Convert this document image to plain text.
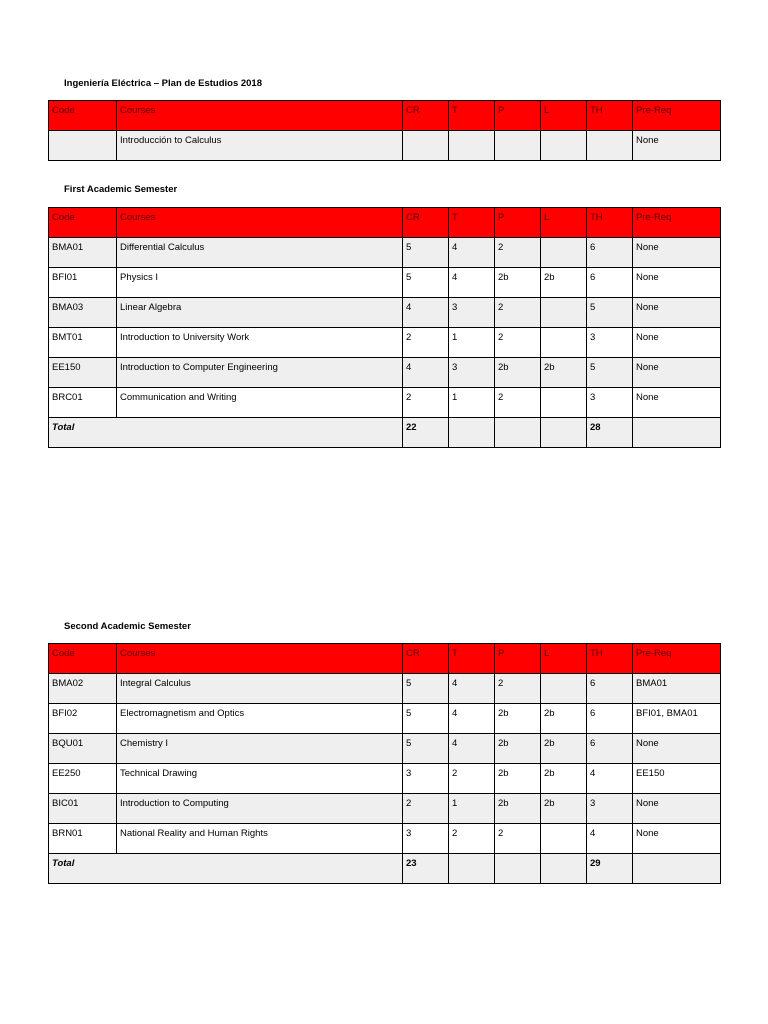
Ingeniería Eléctrica – Plan de Estudios 2018
Code	Courses	CR	T	P	L	TH	Pre-Req
	Introducción to Calculus						None
First Academic Semester
Code	Courses	CR	T	P	L	TH	Pre-Req
BMA01	Differential Calculus	5	4	2		6	None
BFI01	Physics I	5	4	2b	2b	6	None
BMA03	Linear Algebra	4	3	2		5	None
BMT01	Introduction to University Work	2	1	2		3	None
EE150	Introduction to Computer Engineering	4	3	2b	2b	5	None
BRC01	Communication and Writing	2	1	2		3	None
Total		22				28	
Second Academic Semester
Code	Courses	CR	T	P	L	TH	Pre-Req
BMA02	Integral Calculus	5	4	2		6	BMA01
BFI02	Electromagnetism and Optics	5	4	2b	2b	6	BFI01, BMA01
BQU01	Chemistry I	5	4	2b	2b	6	None
EE250	Technical Drawing	3	2	2b	2b	4	EE150
BIC01	Introduction to Computing	2	1	2b	2b	3	None
BRN01	National Reality and Human Rights	3	2	2		4	None
Total		23				29	
